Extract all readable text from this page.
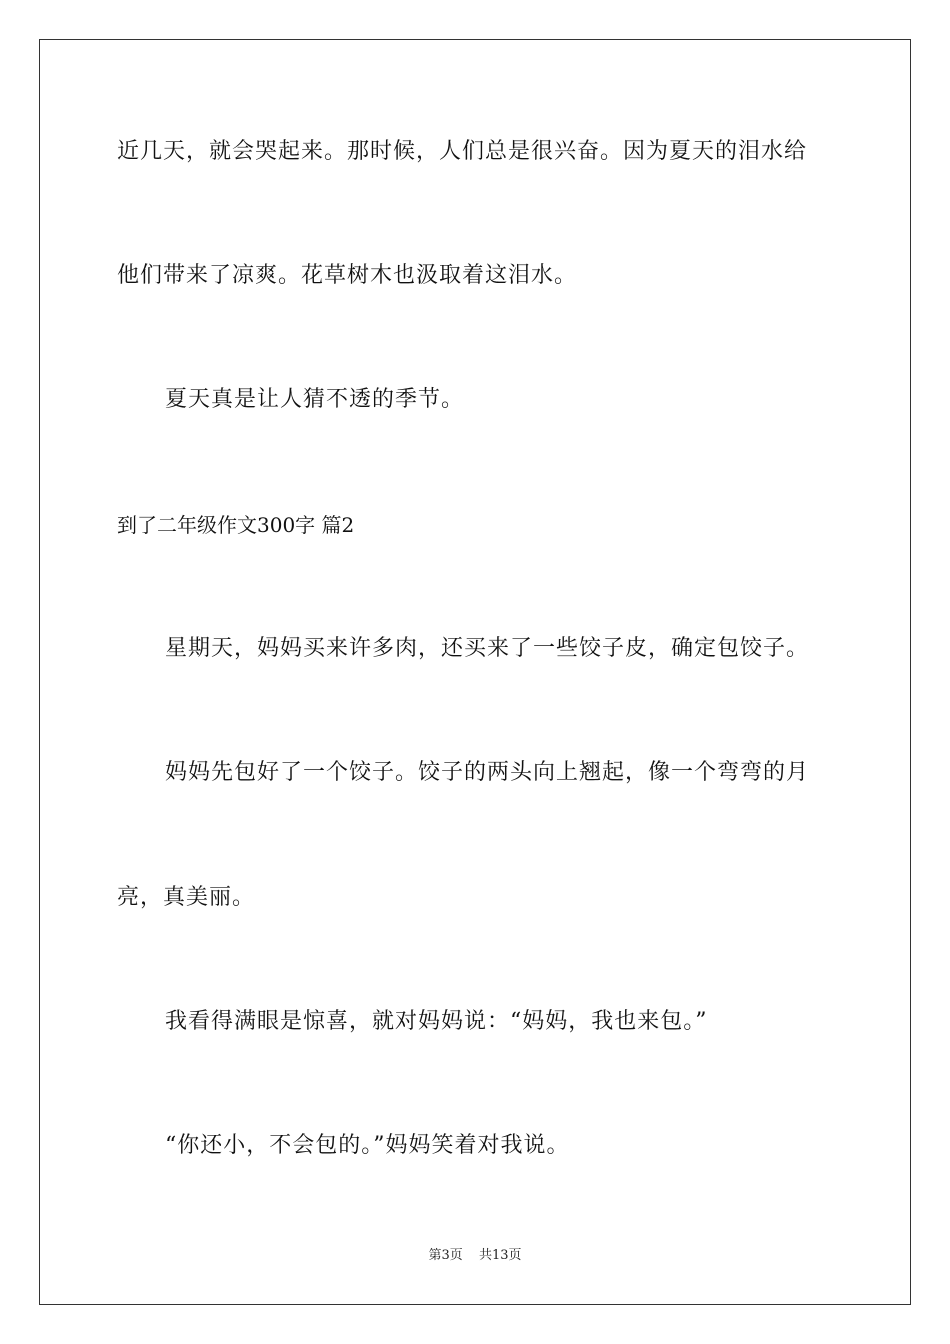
近几天，就会哭起来。那时候，人们总是很兴奋。因为夏天的泪水给
他们带来了凉爽。花草树木也汲取着这泪水。
夏天真是让人猜不透的季节。
到了二年级作文300字 篇2
星期天，妈妈买来许多肉，还买来了一些饺子皮，确定包饺子。
妈妈先包好了一个饺子。饺子的两头向上翘起，像一个弯弯的月
亮，真美丽。
我看得满眼是惊喜，就对妈妈说：“妈妈，我也来包。”
“你还小，不会包的。”妈妈笑着对我说。
第3页 共13页
